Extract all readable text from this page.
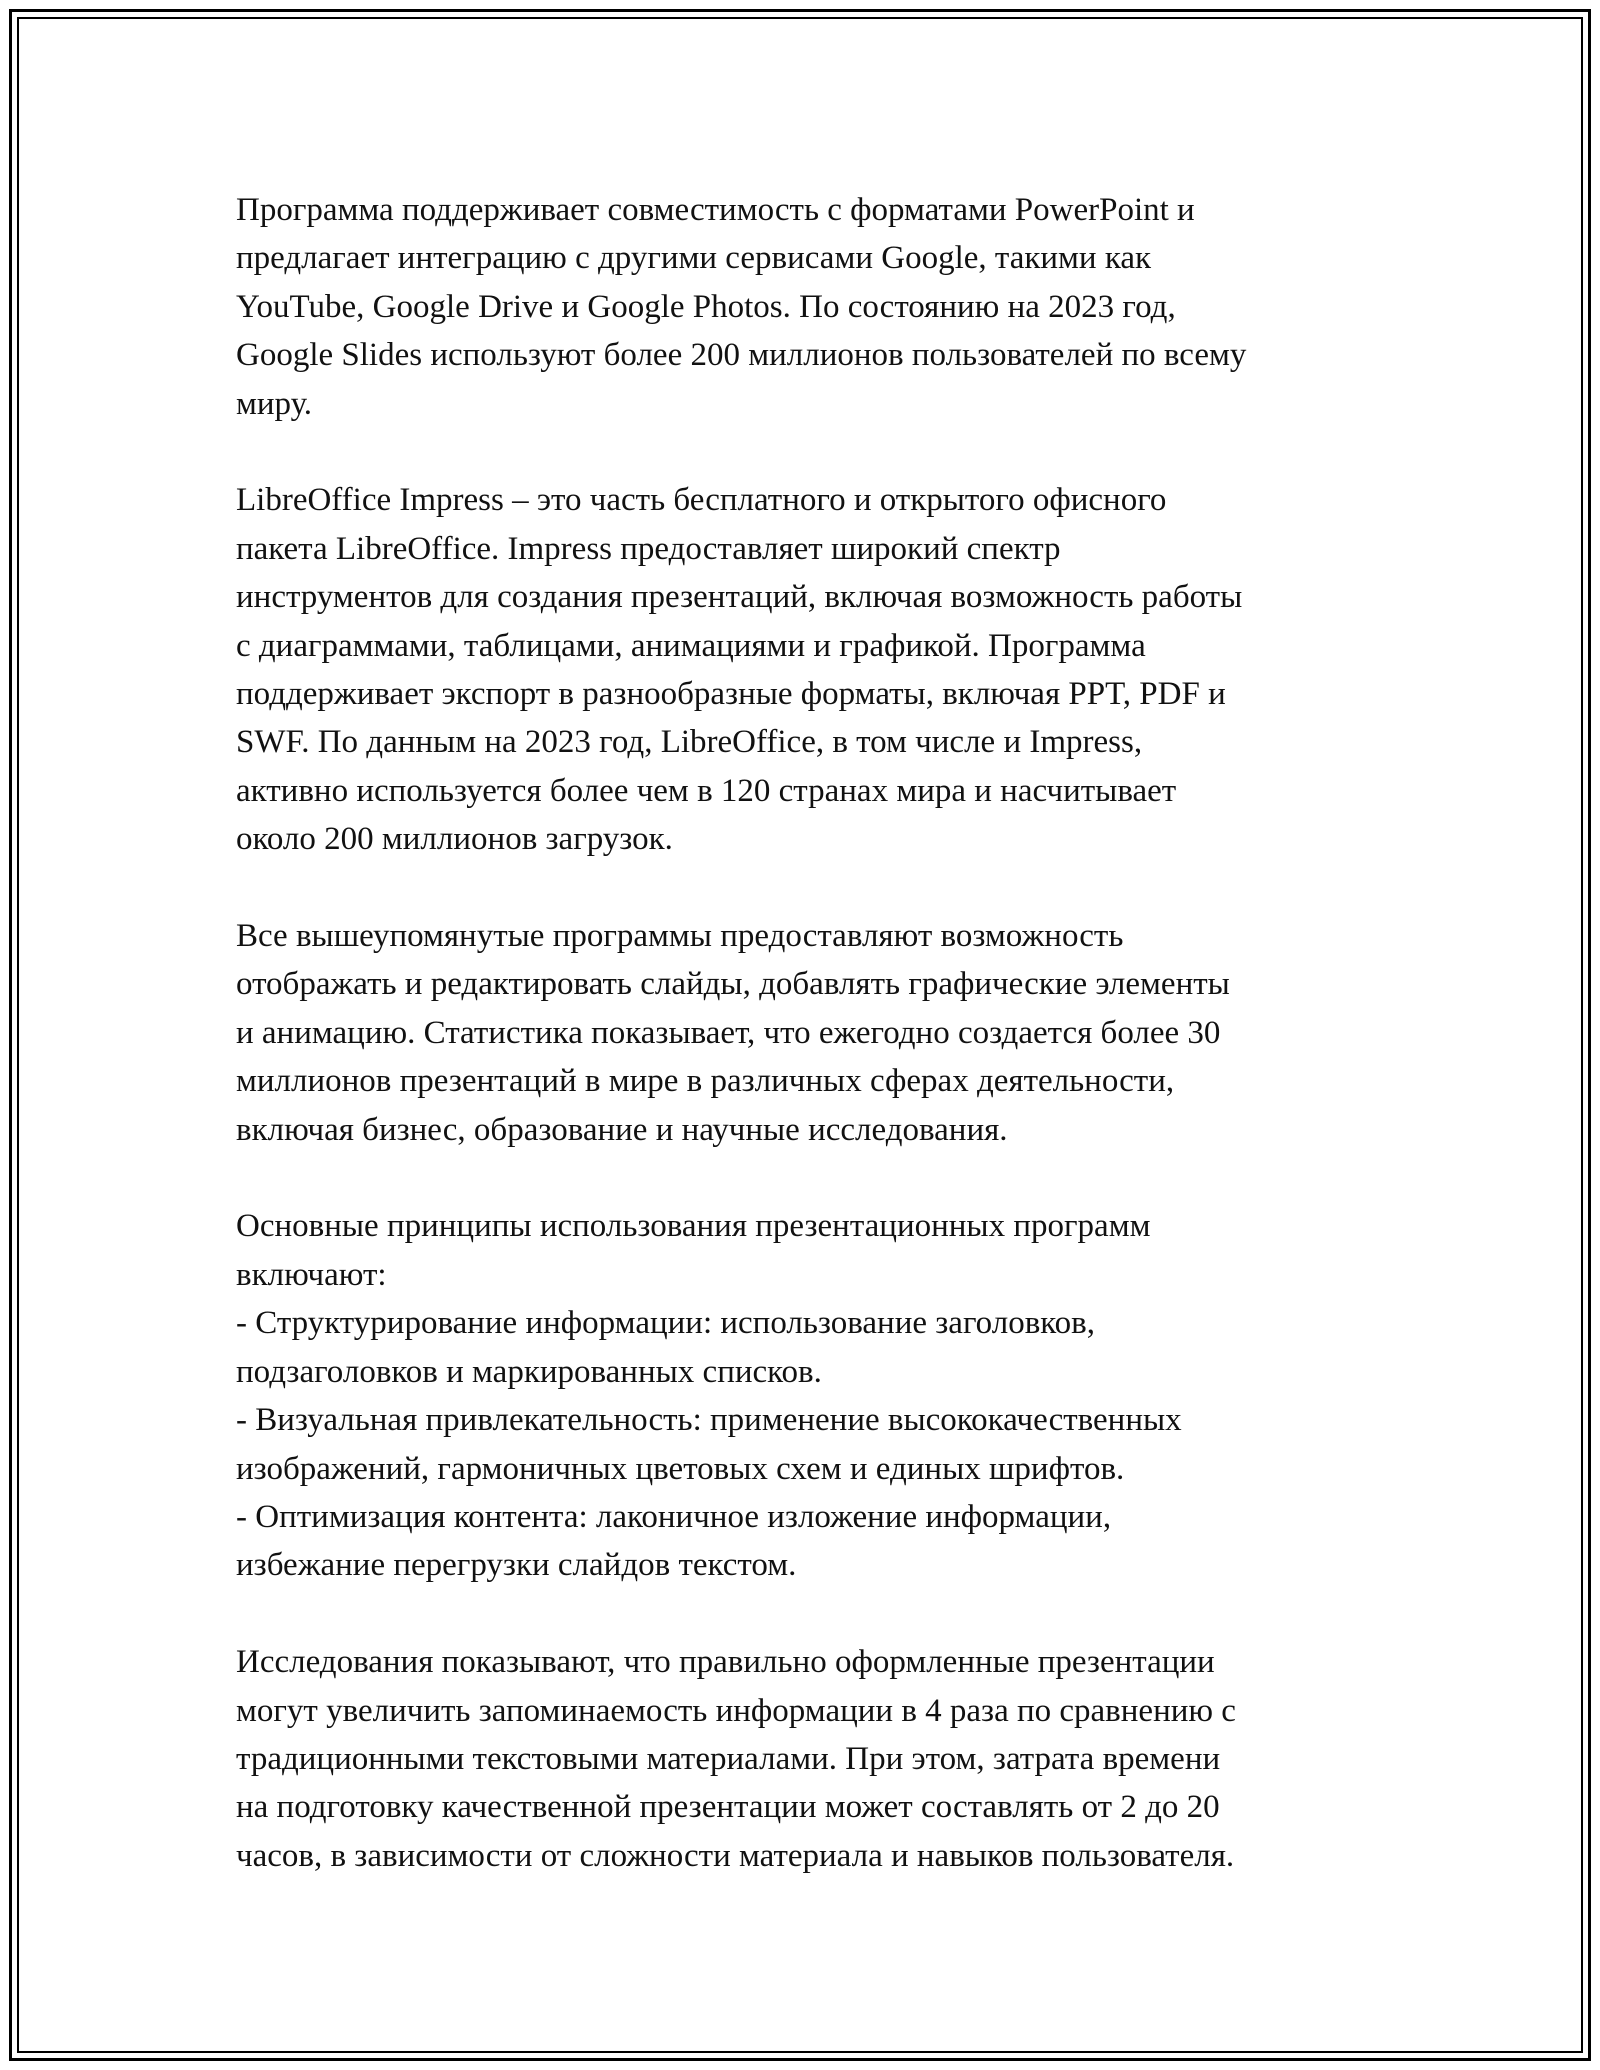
Программа поддерживает совместимость с форматами PowerPoint и
предлагает интеграцию с другими сервисами Google, такими как
YouTube, Google Drive и Google Photos. По состоянию на 2023 год,
Google Slides используют более 200 миллионов пользователей по всему
миру.

LibreOffice Impress – это часть бесплатного и открытого офисного
пакета LibreOffice. Impress предоставляет широкий спектр
инструментов для создания презентаций, включая возможность работы
с диаграммами, таблицами, анимациями и графикой. Программа
поддерживает экспорт в разнообразные форматы, включая PPT, PDF и
SWF. По данным на 2023 год, LibreOffice, в том числе и Impress,
активно используется более чем в 120 странах мира и насчитывает
около 200 миллионов загрузок.

Все вышеупомянутые программы предоставляют возможность
отображать и редактировать слайды, добавлять графические элементы
и анимацию. Статистика показывает, что ежегодно создается более 30
миллионов презентаций в мире в различных сферах деятельности,
включая бизнес, образование и научные исследования.

Основные принципы использования презентационных программ
включают:
- Структурирование информации: использование заголовков,
подзаголовков и маркированных списков.
- Визуальная привлекательность: применение высококачественных
изображений, гармоничных цветовых схем и единых шрифтов.
- Оптимизация контента: лаконичное изложение информации,
избежание перегрузки слайдов текстом.

Исследования показывают, что правильно оформленные презентации
могут увеличить запоминаемость информации в 4 раза по сравнению с
традиционными текстовыми материалами. При этом, затрата времени
на подготовку качественной презентации может составлять от 2 до 20
часов, в зависимости от сложности материала и навыков пользователя.
